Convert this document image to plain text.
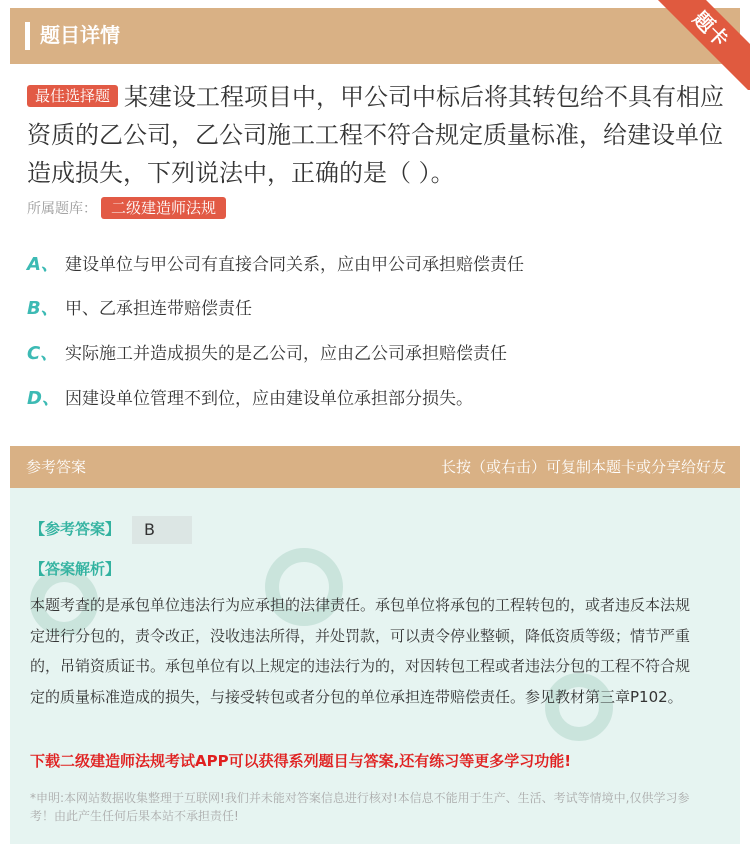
题目详情	题卡
最佳选择题 某建设工程项目中，甲公司中标后将其转包给不具有相应资质的乙公司，乙公司施工工程不符合规定质量标准，给建设单位造成损失，下列说法中，正确的是（ ）。
所属题库： 二级建造师法规
A、 建设单位与甲公司有直接合同关系，应由甲公司承担赔偿责任
B、 甲、乙承担连带赔偿责任
C、 实际施工并造成损失的是乙公司，应由乙公司承担赔偿责任
D、 因建设单位管理不到位，应由建设单位承担部分损失。
参考答案	长按（或右击）可复制本题卡或分享给好友
【参考答案】	B
【答案解析】
本题考查的是承包单位违法行为应承担的法律责任。承包单位将承包的工程转包的，或者违反本法规定进行分包的，责令改正，没收违法所得，并处罚款，可以责令停业整顿，降低资质等级；情节严重的，吊销资质证书。承包单位有以上规定的违法行为的，对因转包工程或者违法分包的工程不符合规定的质量标准造成的损失，与接受转包或者分包的单位承担连带赔偿责任。参见教材第三章P102。
下载二级建造师法规考试APP可以获得系列题目与答案,还有练习等更多学习功能!
*申明:本网站数据收集整理于互联网!我们并未能对答案信息进行核对!本信息不能用于生产、生活、考试等情境中,仅供学习参考！由此产生任何后果本站不承担责任!
